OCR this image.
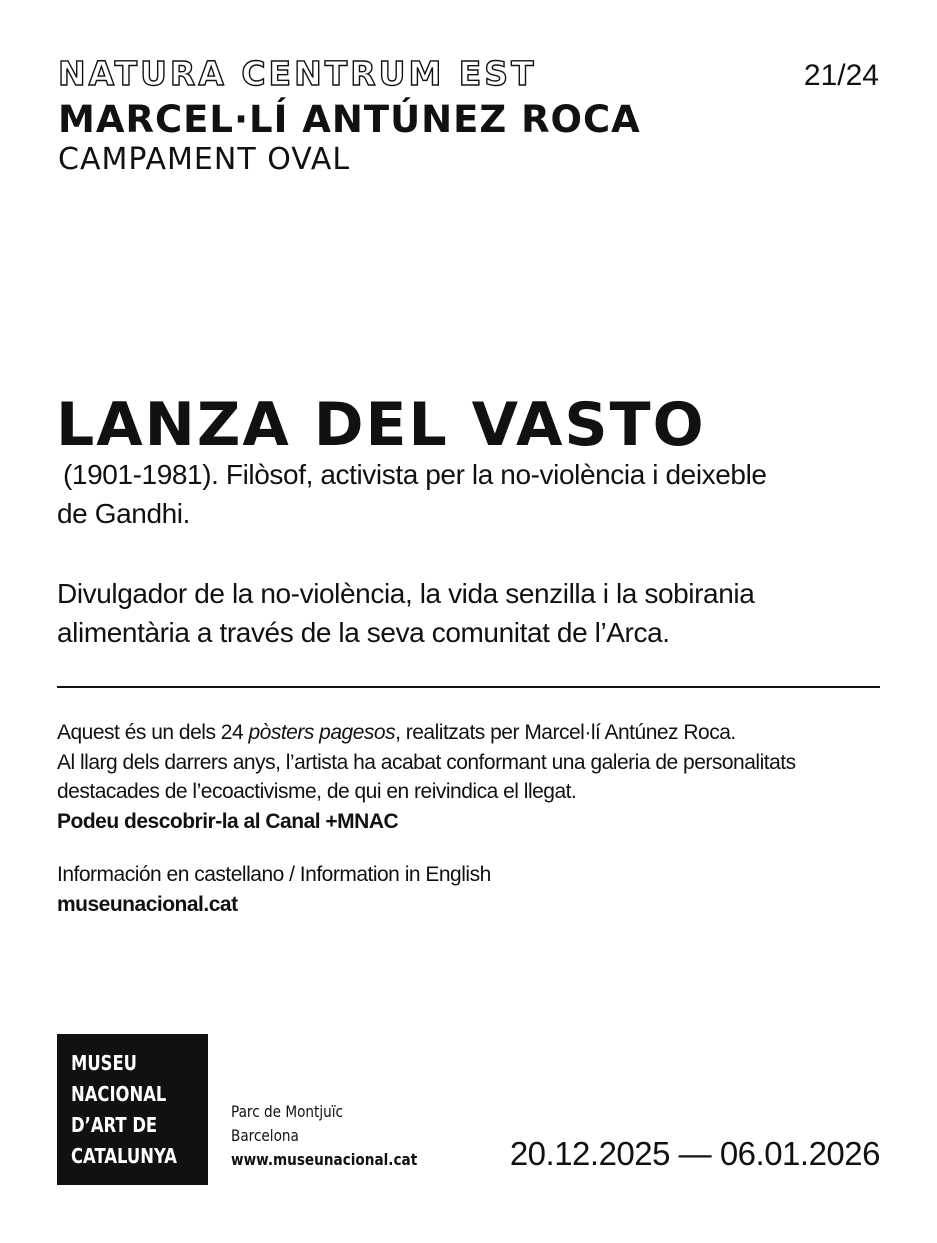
NATURA CENTRUM EST	21/24
MARCEL·LÍ ANTÚNEZ ROCA
CAMPAMENT OVAL
LANZA DEL VASTO
(1901-1981). Filòsof, activista per la no-violència i deixeble
de Gandhi.
Divulgador de la no-violència, la vida senzilla i la sobirania
alimentària a través de la seva comunitat de l’Arca.

Aquest és un dels 24 pòsters pagesos, realitzats per Marcel·lí Antúnez Roca.

Al llarg dels darrers anys, l’artista ha acabat conformant una galeria de personalitats

destacades de l’ecoactivisme, de qui en reivindica el llegat.

Podeu descobrir-la al Canal +MNAC

Información en castellano / Information in English

museunacional.cat

MUSEU
NACIONAL
D’ART DE
CATALUNYA
Parc de Montjuïc
Barcelona
www.museunacional.cat	20.12.2025 — 06.01.2026
